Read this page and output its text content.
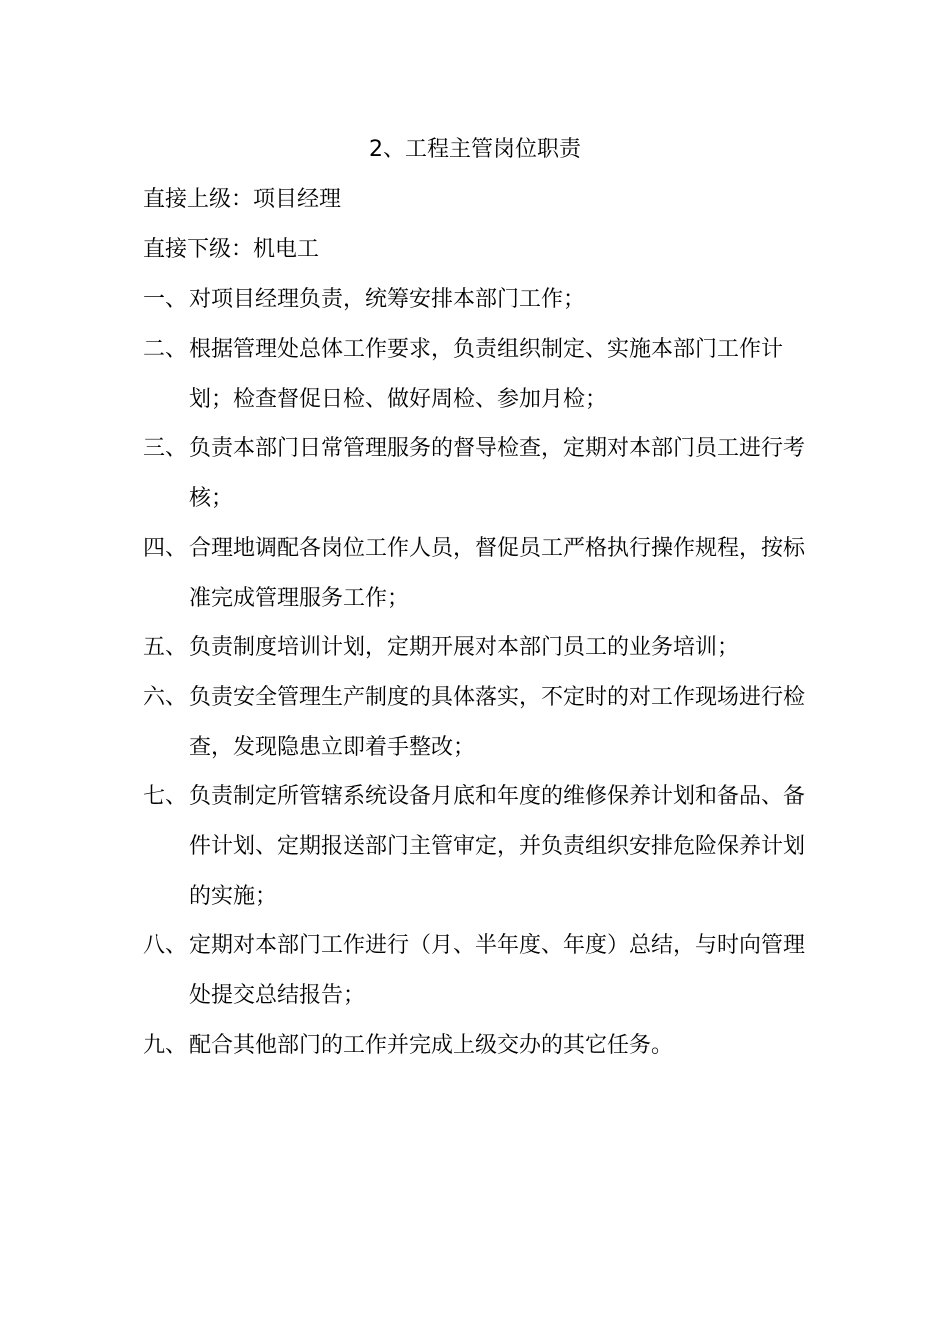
2、工程主管岗位职责
直接上级：项目经理
直接下级：机电工
一、 对项目经理负责，统筹安排本部门工作；
二、 根据管理处总体工作要求，负责组织制定、实施本部门工作计划；检查督促日检、做好周检、参加月检；
三、 负责本部门日常管理服务的督导检查，定期对本部门员工进行考核；
四、 合理地调配各岗位工作人员，督促员工严格执行操作规程，按标准完成管理服务工作；
五、 负责制度培训计划，定期开展对本部门员工的业务培训；
六、 负责安全管理生产制度的具体落实，不定时的对工作现场进行检查，发现隐患立即着手整改；
七、 负责制定所管辖系统设备月底和年度的维修保养计划和备品、备件计划、定期报送部门主管审定，并负责组织安排危险保养计划的实施；
八、 定期对本部门工作进行（月、半年度、年度）总结，与时向管理处提交总结报告；
九、 配合其他部门的工作并完成上级交办的其它任务。
